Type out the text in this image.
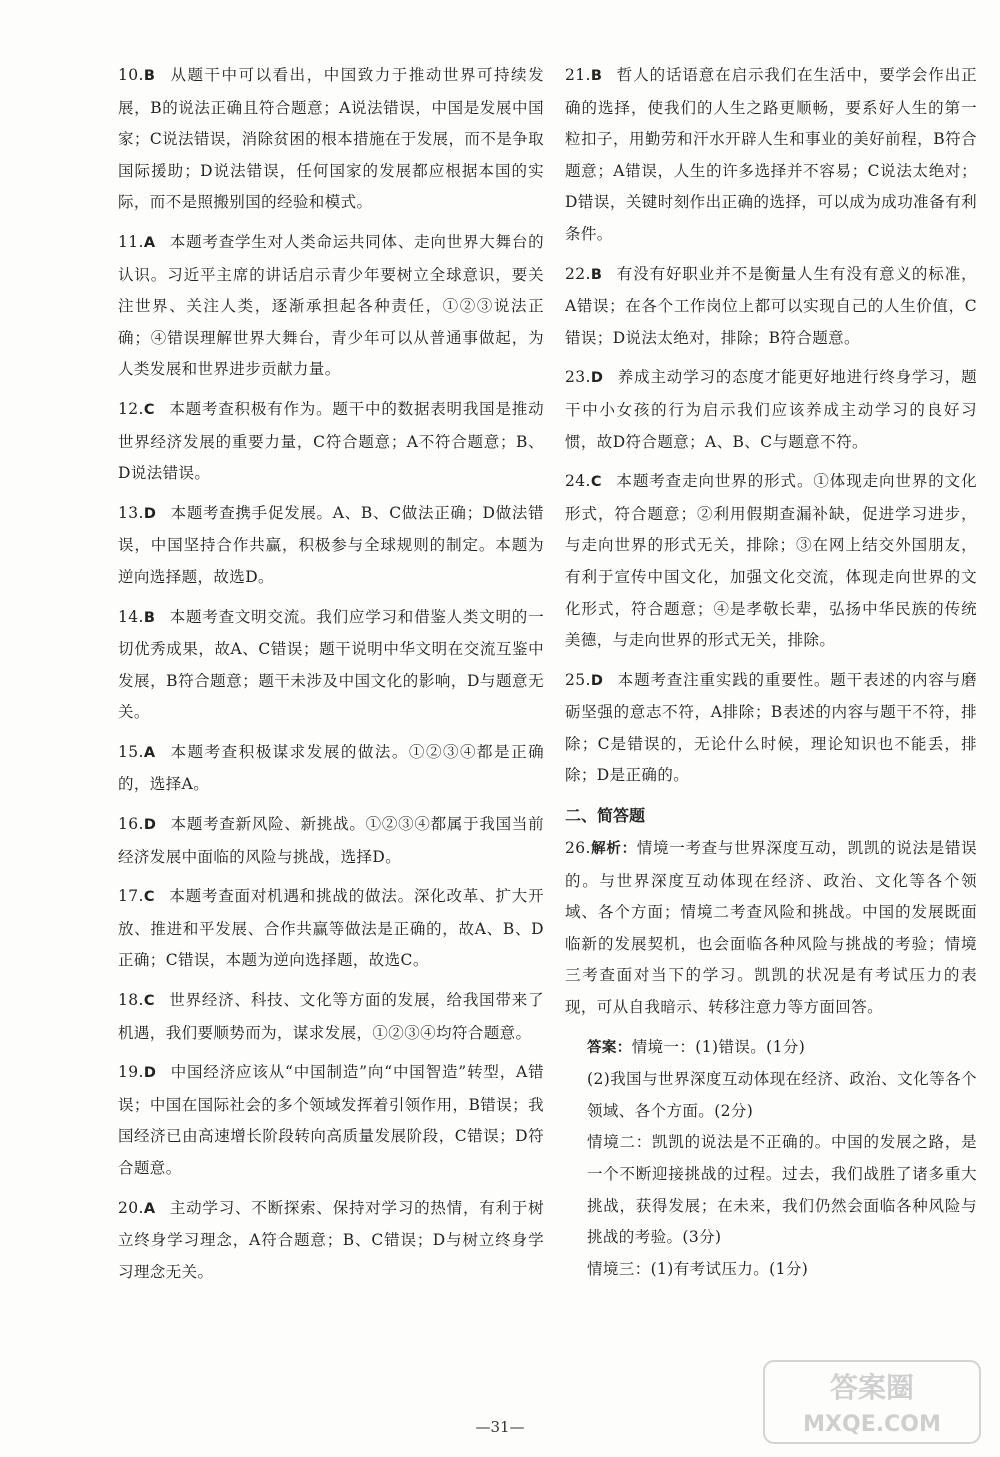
10.B 从题干中可以看出，中国致力于推动世界可持续发展，B的说法正确且符合题意；A说法错误，中国是发展中国家；C说法错误，消除贫困的根本措施在于发展，而不是争取国际援助；D说法错误，任何国家的发展都应根据本国的实际，而不是照搬别国的经验和模式。
11.A 本题考查学生对人类命运共同体、走向世界大舞台的认识。习近平主席的讲话启示青少年要树立全球意识，要关注世界、关注人类，逐渐承担起各种责任，①②③说法正确；④错误理解世界大舞台，青少年可以从普通事做起，为人类发展和世界进步贡献力量。
12.C 本题考查积极有作为。题干中的数据表明我国是推动世界经济发展的重要力量，C符合题意；A不符合题意；B、D说法错误。
13.D 本题考查携手促发展。A、B、C做法正确；D做法错误，中国坚持合作共赢，积极参与全球规则的制定。本题为逆向选择题，故选D。
14.B 本题考查文明交流。我们应学习和借鉴人类文明的一切优秀成果，故A、C错误；题干说明中华文明在交流互鉴中发展，B符合题意；题干未涉及中国文化的影响，D与题意无关。
15.A 本题考查积极谋求发展的做法。①②③④都是正确的，选择A。
16.D 本题考查新风险、新挑战。①②③④都属于我国当前经济发展中面临的风险与挑战，选择D。
17.C 本题考查面对机遇和挑战的做法。深化改革、扩大开放、推进和平发展、合作共赢等做法是正确的，故A、B、D正确；C错误，本题为逆向选择题，故选C。
18.C 世界经济、科技、文化等方面的发展，给我国带来了机遇，我们要顺势而为，谋求发展，①②③④均符合题意。
19.D 中国经济应该从“中国制造”向“中国智造”转型，A错误；中国在国际社会的多个领域发挥着引领作用，B错误；我国经济已由高速增长阶段转向高质量发展阶段，C错误；D符合题意。
20.A 主动学习、不断探索、保持对学习的热情，有利于树立终身学习理念，A符合题意；B、C错误；D与树立终身学习理念无关。
21.B 哲人的话语意在启示我们在生活中，要学会作出正确的选择，使我们的人生之路更顺畅，要系好人生的第一粒扣子，用勤劳和汗水开辟人生和事业的美好前程，B符合题意；A错误，人生的许多选择并不容易；C说法太绝对；D错误，关键时刻作出正确的选择，可以成为成功准备有利条件。
22.B 有没有好职业并不是衡量人生有没有意义的标准，A错误；在各个工作岗位上都可以实现自己的人生价值，C错误；D说法太绝对，排除；B符合题意。
23.D 养成主动学习的态度才能更好地进行终身学习，题干中小女孩的行为启示我们应该养成主动学习的良好习惯，故D符合题意；A、B、C与题意不符。
24.C 本题考查走向世界的形式。①体现走向世界的文化形式，符合题意；②利用假期查漏补缺，促进学习进步，与走向世界的形式无关，排除；③在网上结交外国朋友，有利于宣传中国文化，加强文化交流，体现走向世界的文化形式，符合题意；④是孝敬长辈，弘扬中华民族的传统美德，与走向世界的形式无关，排除。
25.D 本题考查注重实践的重要性。题干表述的内容与磨砺坚强的意志不符，A排除；B表述的内容与题干不符，排除；C是错误的，无论什么时候，理论知识也不能丢，排除；D是正确的。
二、简答题
26.解析：情境一考查与世界深度互动，凯凯的说法是错误的。与世界深度互动体现在经济、政治、文化等各个领域、各个方面；情境二考查风险和挑战。中国的发展既面临新的发展契机，也会面临各种风险与挑战的考验；情境三考查面对当下的学习。凯凯的状况是有考试压力的表现，可从自我暗示、转移注意力等方面回答。
答案：情境一：(1)错误。(1分)
(2)我国与世界深度互动体现在经济、政治、文化等各个领域、各个方面。(2分)
情境二：凯凯的说法是不正确的。中国的发展之路，是一个不断迎接挑战的过程。过去，我们战胜了诸多重大挑战，获得发展；在未来，我们仍然会面临各种风险与挑战的考验。(3分)
情境三：(1)有考试压力。(1分)
—31—
答案圈
MXQE.COM
